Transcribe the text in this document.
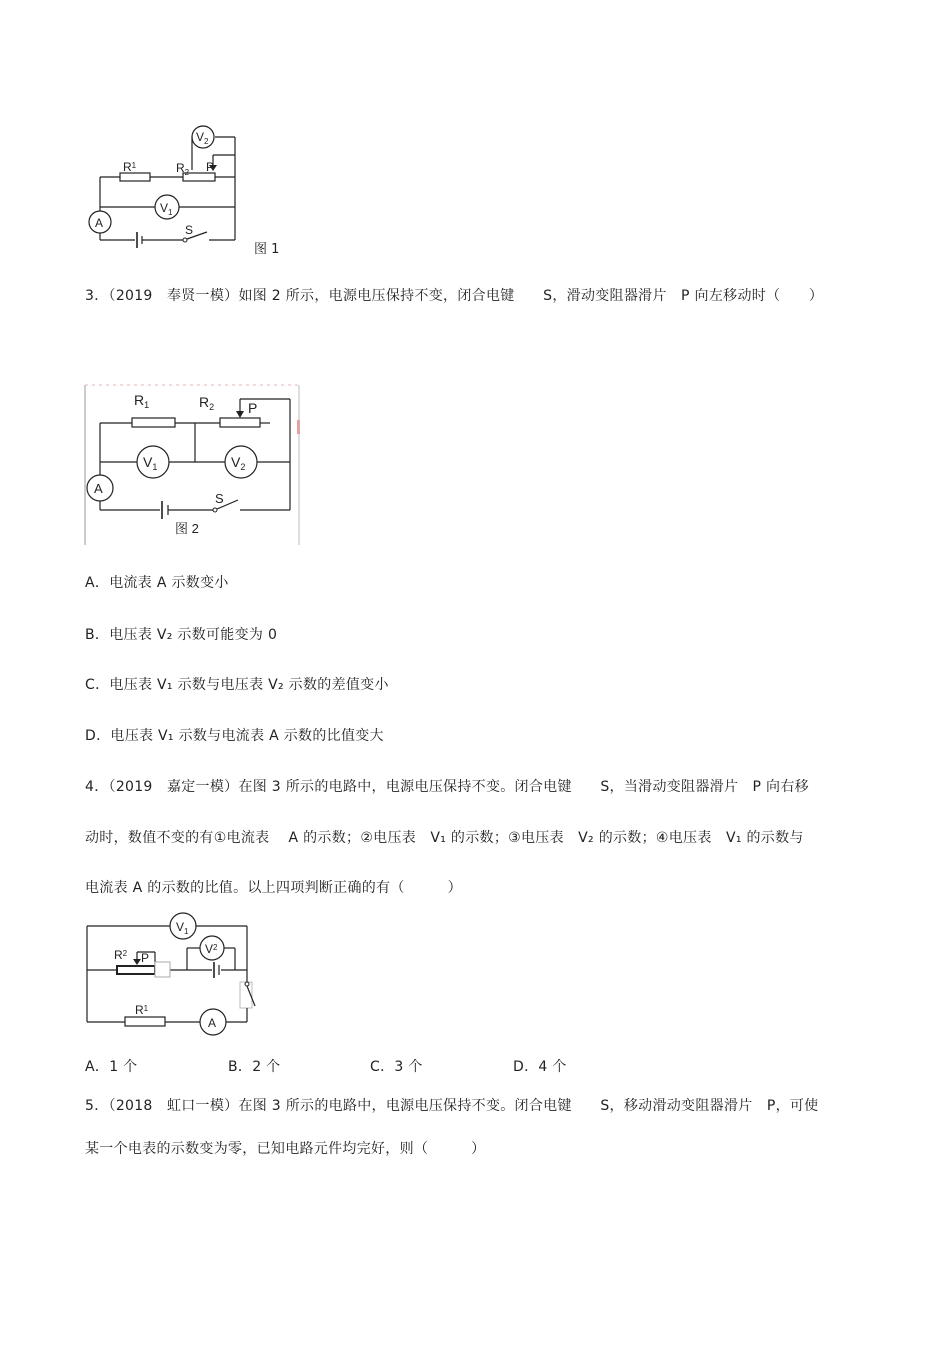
$V_2$
$R^1$	$R_2$ P
$V_1$
A	S
图 1
3．（2019　奉贤一模）如图 2 所示，电源电压保持不变，闭合电键　　S，滑动变阻器滑片　P 向左移动时（　　）
$R_1$	$R_2$ P
$V_1$	$V_2$
A
S
图 2
A．电流表 A 示数变小
B．电压表 V₂ 示数可能变为 0
C．电压表 V₁ 示数与电压表 V₂ 示数的差值变小
D．电压表 V₁ 示数与电流表 A 示数的比值变大
4．（2019　嘉定一模）在图 3 所示的电路中，电源电压保持不变。闭合电键　　S，当滑动变阻器滑片　P 向右移
动时，数值不变的有①电流表　 A 的示数；②电压表　V₁ 的示数；③电压表　V₂ 的示数；④电压表　V₁ 的示数与
电流表 A 的示数的比值。以上四项判断正确的有（　　　）
$V_1$
$V^2$
$R^2$ P
$R^1$
A
A．1 个	B．2 个	C．3 个	D．4 个
5．（2018　虹口一模）在图 3 所示的电路中，电源电压保持不变。闭合电键　　S，移动滑动变阻器滑片　P，可使
某一个电表的示数变为零，已知电路元件均完好，则（　　　）
